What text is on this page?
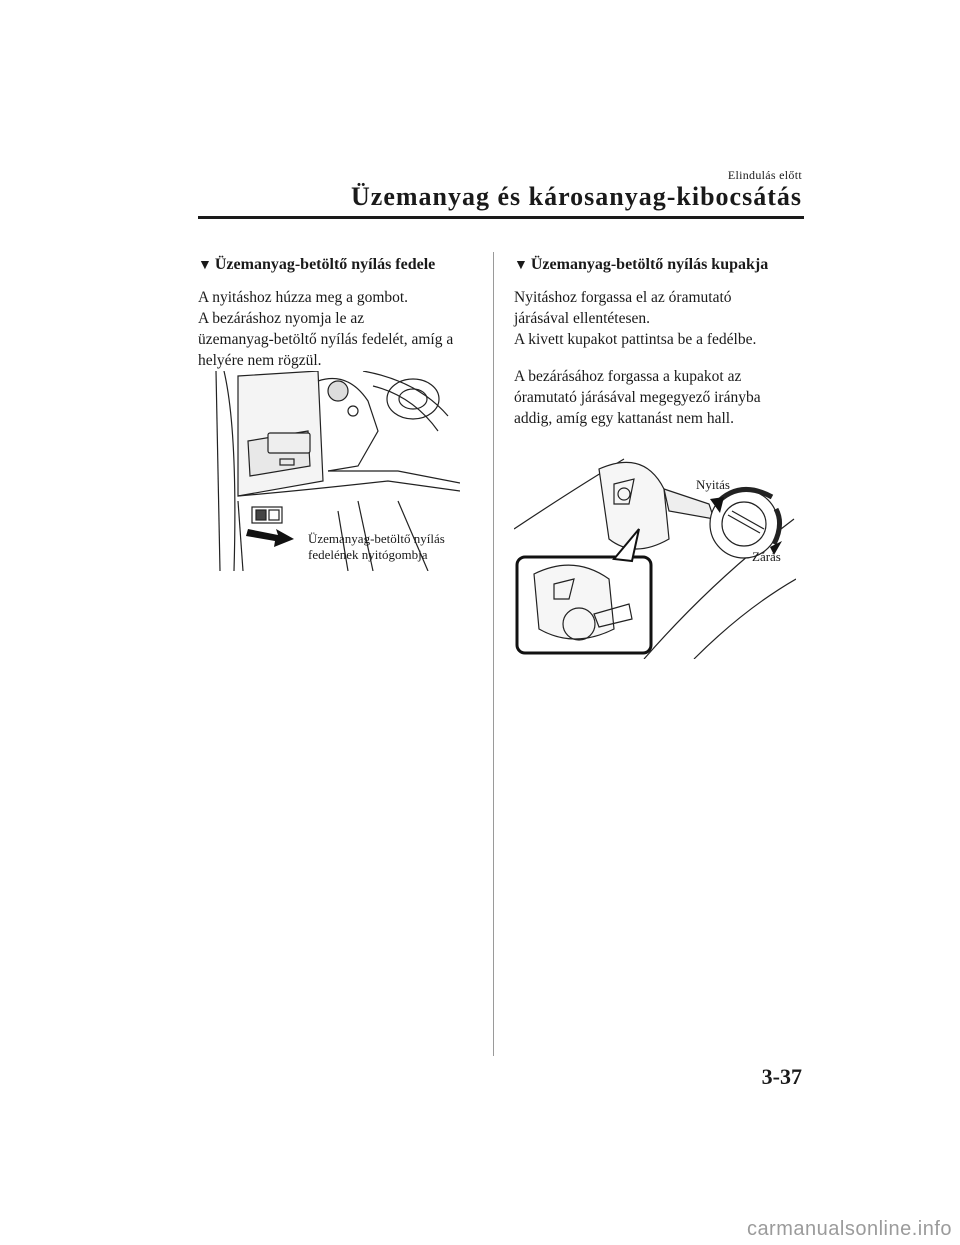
Elindulás előtt
Üzemanyag és károsanyag-kibocsátás
▼ Üzemanyag-betöltő nyílás fedele

A nyitáshoz húzza meg a gombot.

A bezáráshoz nyomja le az

üzemanyag-betöltő nyílás fedelét, amíg a

helyére nem rögzül.

Üzemanyag-betöltő nyílás
fedelének nyitógombja
▼ Üzemanyag-betöltő nyílás kupakja

Nyitáshoz forgassa el az óramutató

járásával ellentétesen.

A kivett kupakot pattintsa be a fedélbe.

A bezárásához forgassa a kupakot az

óramutató járásával megegyező irányba

addig, amíg egy kattanást nem hall.

Nyitás
Zárás
3-37
carmanualsonline.info
